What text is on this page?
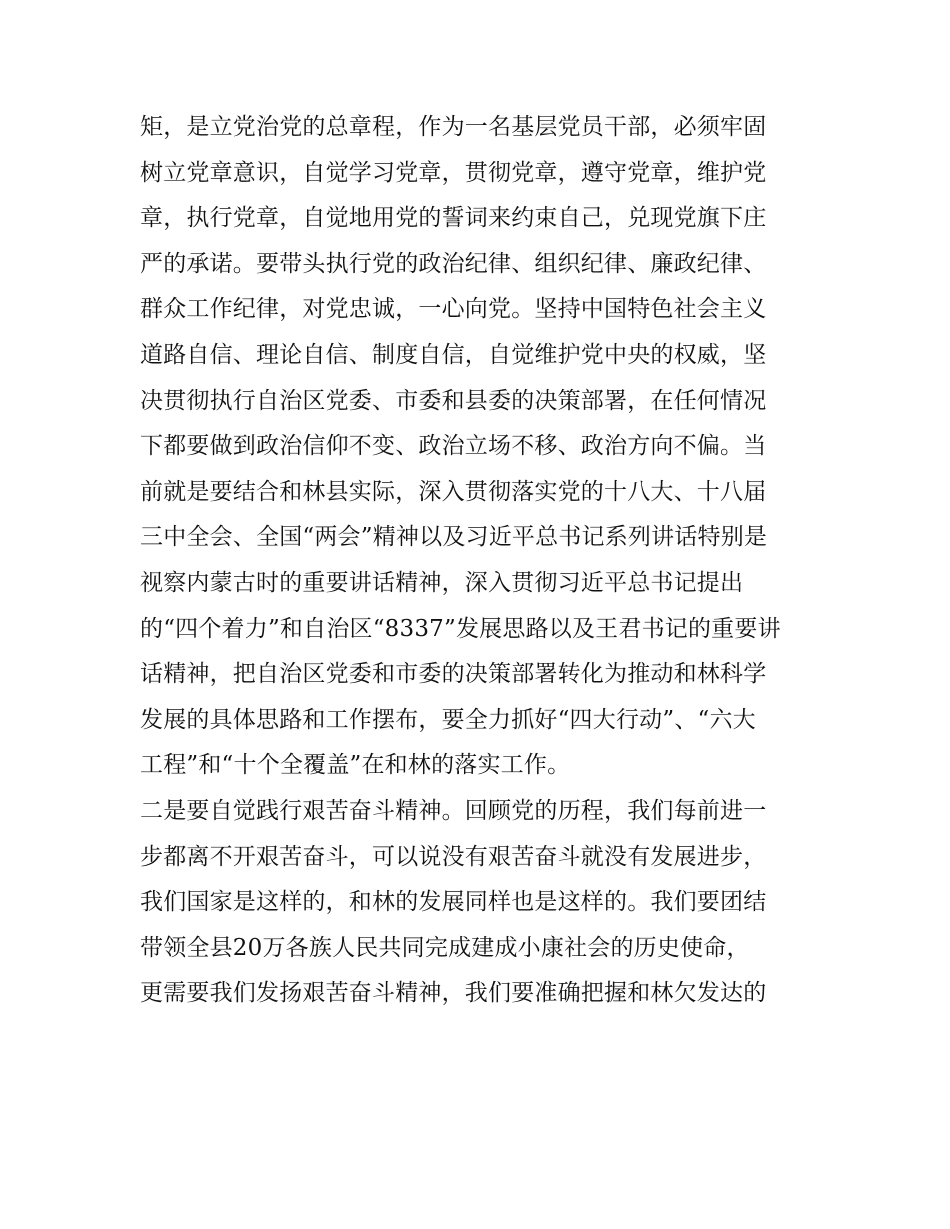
矩，是立党治党的总章程，作为一名基层党员干部，必须牢固
树立党章意识，自觉学习党章，贯彻党章，遵守党章，维护党
章，执行党章，自觉地用党的誓词来约束自己，兑现党旗下庄
严的承诺。要带头执行党的政治纪律、组织纪律、廉政纪律、
群众工作纪律，对党忠诚，一心向党。坚持中国特色社会主义
道路自信、理论自信、制度自信，自觉维护党中央的权威，坚
决贯彻执行自治区党委、市委和县委的决策部署，在任何情况
下都要做到政治信仰不变、政治立场不移、政治方向不偏。当
前就是要结合和林县实际，深入贯彻落实党的十八大、十八届
三中全会、全国“两会”精神以及习近平总书记系列讲话特别是
视察内蒙古时的重要讲话精神，深入贯彻习近平总书记提出
的“四个着力”和自治区“8337”发展思路以及王君书记的重要讲
话精神，把自治区党委和市委的决策部署转化为推动和林科学
发展的具体思路和工作摆布，要全力抓好“四大行动”、“六大
工程”和“十个全覆盖”在和林的落实工作。
二是要自觉践行艰苦奋斗精神。回顾党的历程，我们每前进一
步都离不开艰苦奋斗，可以说没有艰苦奋斗就没有发展进步，
我们国家是这样的，和林的发展同样也是这样的。我们要团结
带领全县20万各族人民共同完成建成小康社会的历史使命，
更需要我们发扬艰苦奋斗精神，我们要准确把握和林欠发达的
